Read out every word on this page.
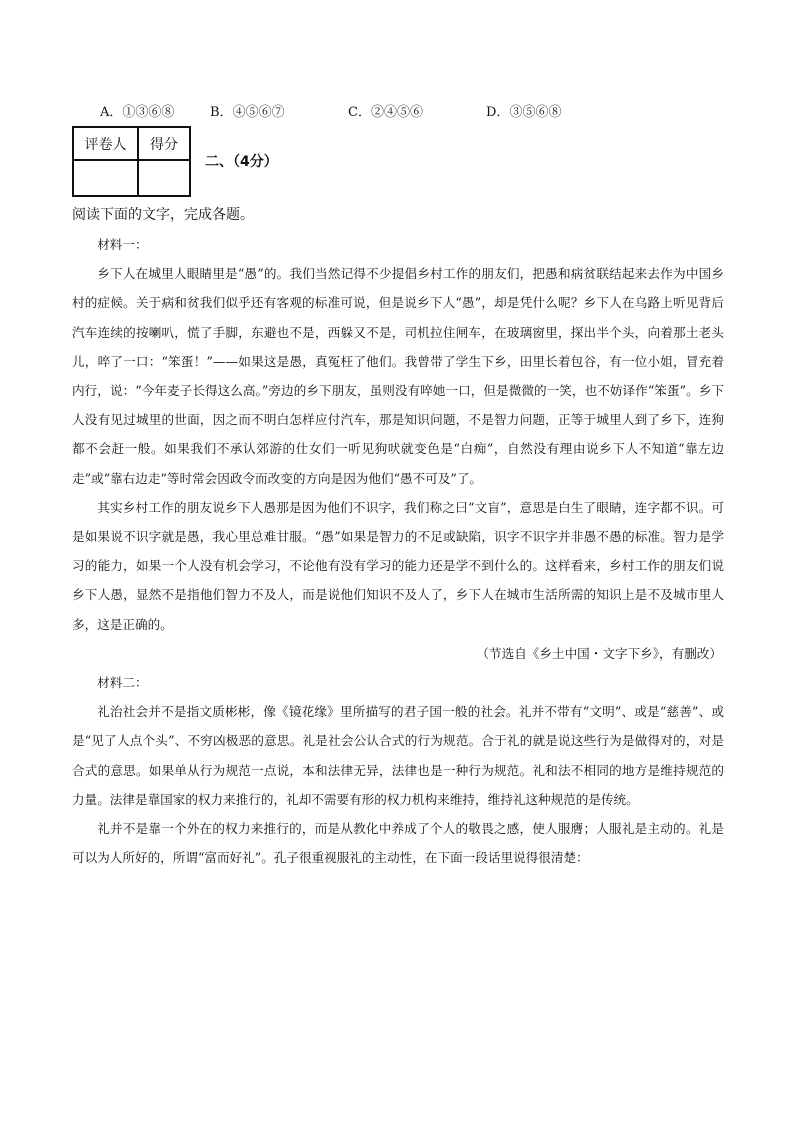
A．①③⑥⑧	B．④⑤⑥⑦	C．②④⑤⑥	D．③⑤⑥⑧
评卷人	得分

二、（4分）
阅读下面的文字，完成各题。

材料一：

乡下人在城里人眼睛里是“愚”的。我们当然记得不少提倡乡村工作的朋友们，把愚和病贫联结起来去作为中国乡村的症候。关于病和贫我们似乎还有客观的标准可说，但是说乡下人“愚”，却是凭什么呢？乡下人在乌路上听见背后汽车连续的按喇叭，慌了手脚，东避也不是，西躲又不是，司机拉住闸车，在玻璃窗里，探出半个头，向着那土老头儿，啐了一口：“笨蛋！”——如果这是愚，真冤枉了他们。我曾带了学生下乡，田里长着包谷，有一位小姐，冒充着内行，说：“今年麦子长得这么高。”旁边的乡下朋友，虽则没有啐她一口，但是微微的一笑，也不妨译作“笨蛋”。乡下人没有见过城里的世面，因之而不明白怎样应付汽车，那是知识问题，不是智力问题，正等于城里人到了乡下，连狗都不会赶一般。如果我们不承认郊游的仕女们一听见狗吠就变色是“白痴”，自然没有理由说乡下人不知道“靠左边走”或“靠右边走”等时常会因政令而改变的方向是因为他们“愚不可及”了。

其实乡村工作的朋友说乡下人愚那是因为他们不识字，我们称之曰“文盲”，意思是白生了眼睛，连字都不识。可是如果说不识字就是愚，我心里总难甘服。“愚”如果是智力的不足或缺陷，识字不识字并非愚不愚的标准。智力是学习的能力，如果一个人没有机会学习，不论他有没有学习的能力还是学不到什么的。这样看来，乡村工作的朋友们说乡下人愚，显然不是指他们智力不及人，而是说他们知识不及人了，乡下人在城市生活所需的知识上是不及城市里人多，这是正确的。

（节选自《乡土中国・文字下乡》，有删改）

材料二：

礼治社会并不是指文质彬彬，像《镜花缘》里所描写的君子国一般的社会。礼并不带有“文明”、或是“慈善”、或是“见了人点个头”、不穷凶极恶的意思。礼是社会公认合式的行为规范。合于礼的就是说这些行为是做得对的，对是合式的意思。如果单从行为规范一点说，本和法律无异，法律也是一种行为规范。礼和法不相同的地方是维持规范的力量。法律是靠国家的权力来推行的，礼却不需要有形的权力机构来维持，维持礼这种规范的是传统。

礼并不是靠一个外在的权力来推行的，而是从教化中养成了个人的敬畏之感，使人服膺；人服礼是主动的。礼是可以为人所好的，所谓“富而好礼”。孔子很重视服礼的主动性，在下面一段话里说得很清楚：
